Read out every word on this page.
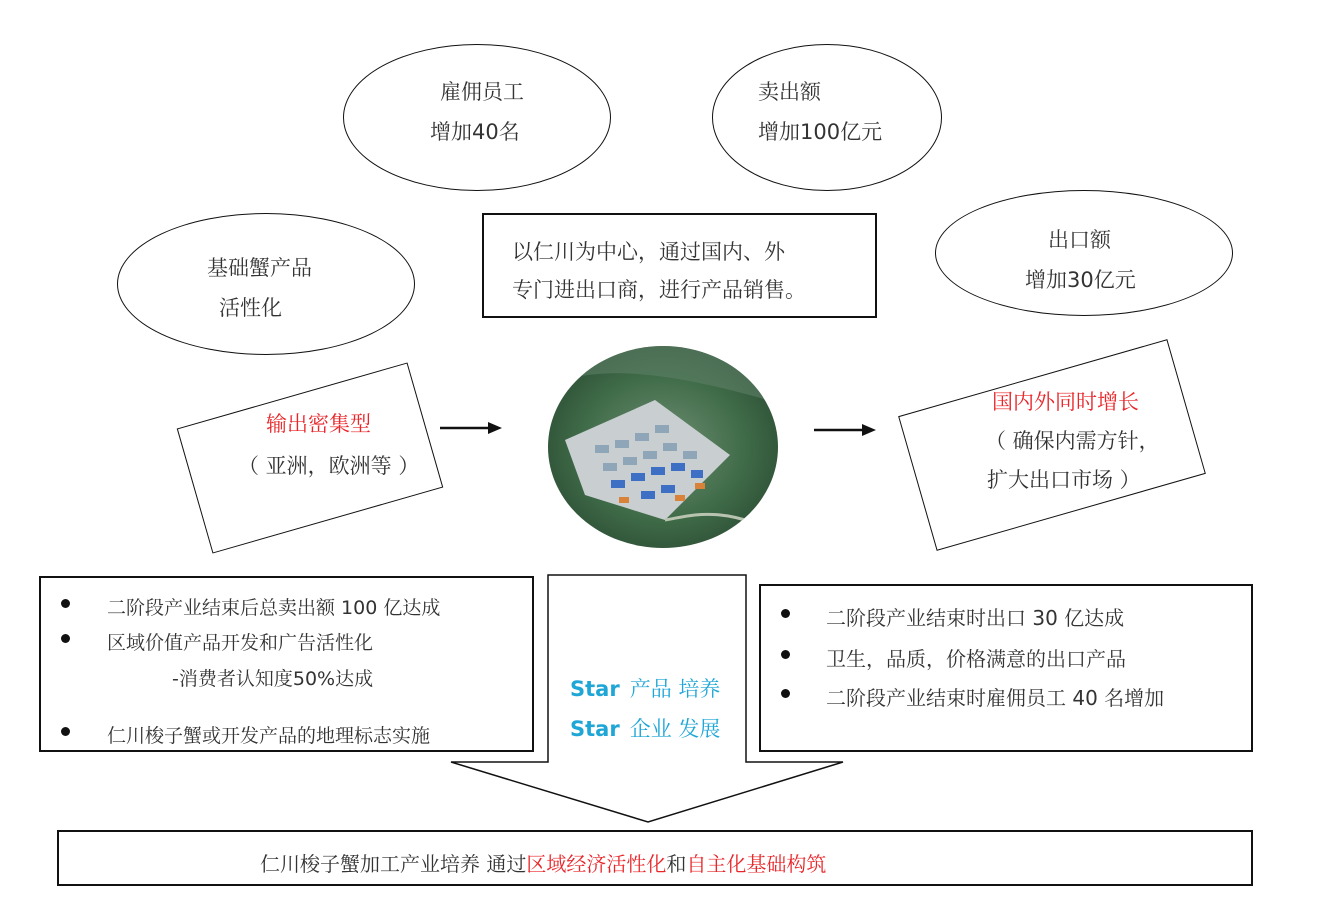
雇佣员工
增加40名
卖出额
增加100亿元
基础蟹产品
活性化
出口额
增加30亿元
以仁川为中心，通过国内、外
专门进出口商，进行产品销售。
输出密集型
（ 亚洲，欧洲等 ）
国内外同时增长
（ 确保内需方针，
扩大出口市场 ）
二阶段产业结束后总卖出额 100 亿达成
区域价值产品开发和广告活性化
-消费者认知度50%达成
仁川梭子蟹或开发产品的地理标志实施
Star 产品 培养
Star 企业 发展
二阶段产业结束时出口 30 亿达成
卫生，品质，价格满意的出口产品
二阶段产业结束时雇佣员工 40 名增加
仁川梭子蟹加工产业培养 通过区域经济活性化和自主化基础构筑
